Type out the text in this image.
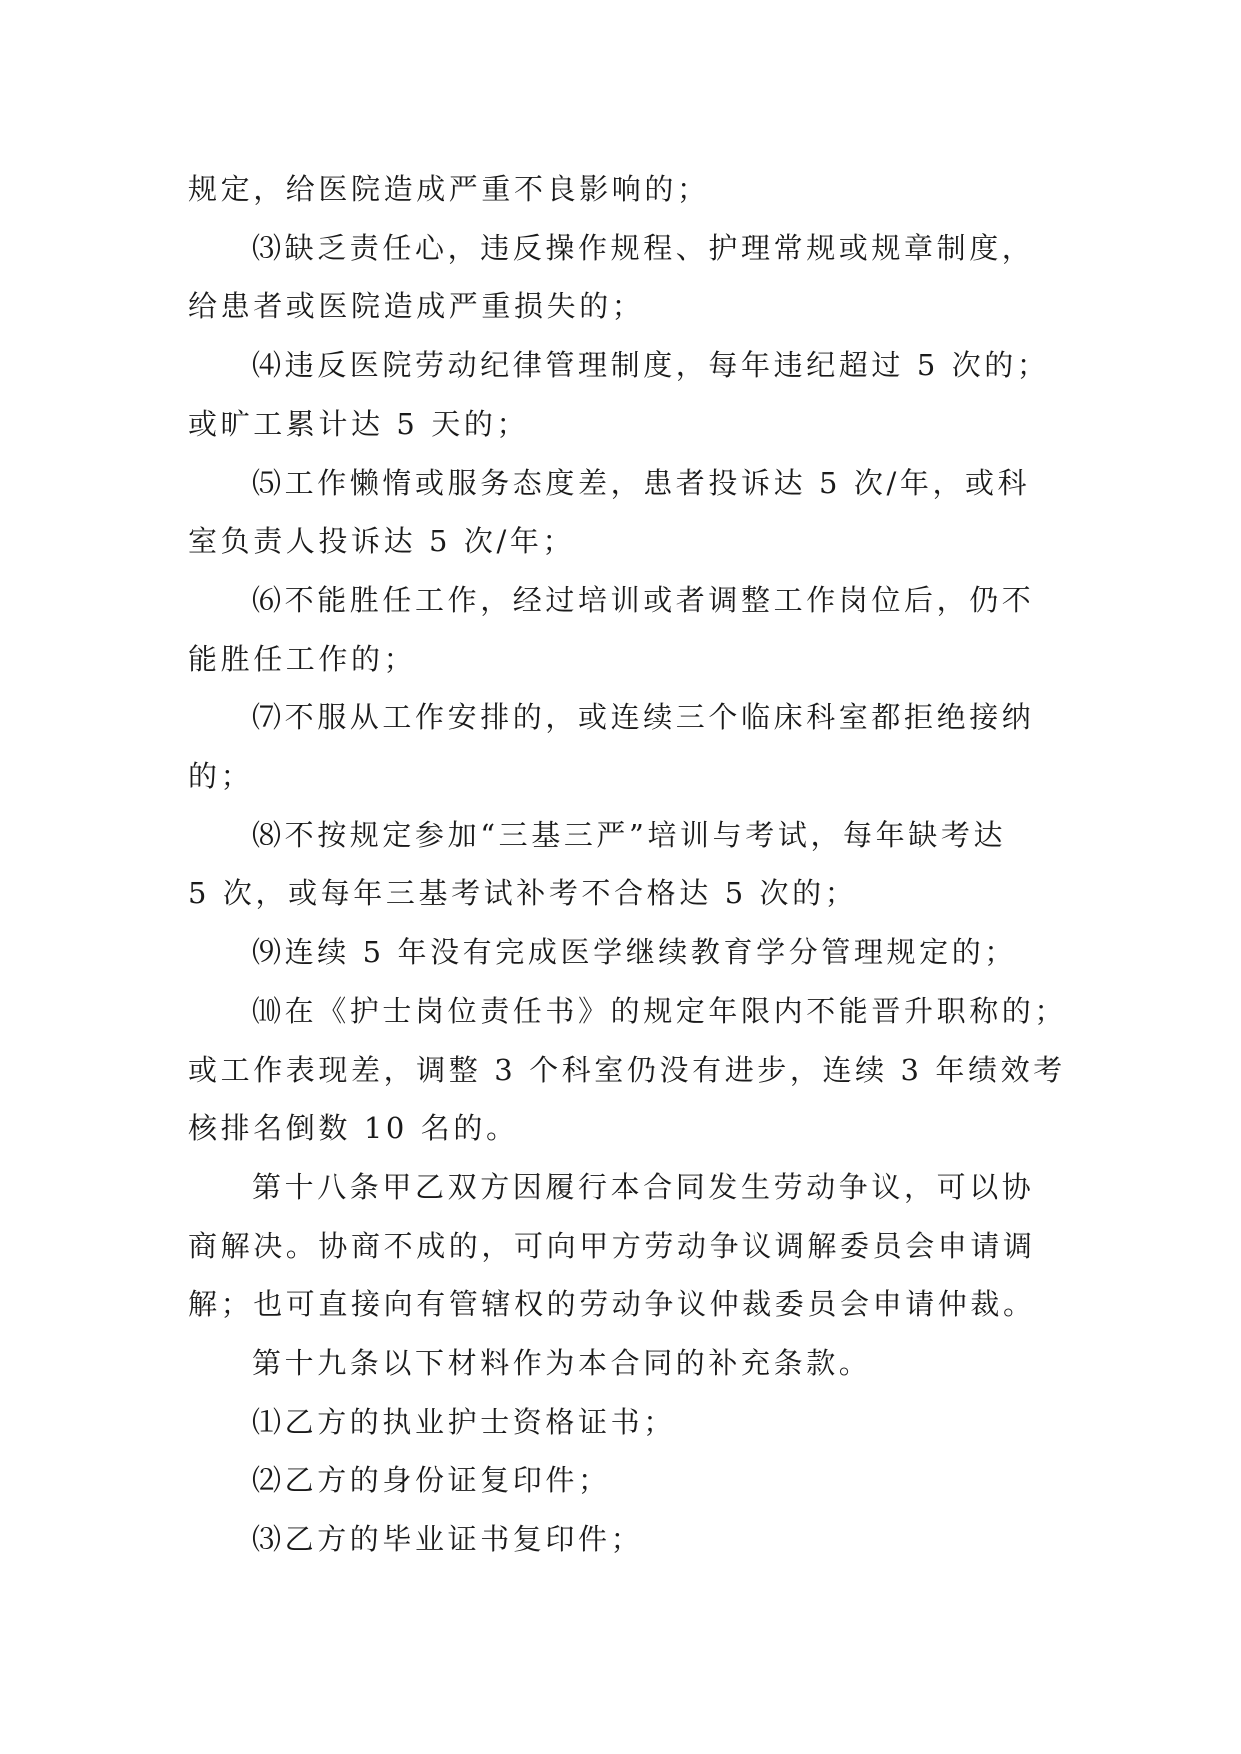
规定，给医院造成严重不良影响的；

⑶缺乏责任心，违反操作规程、护理常规或规章制度，

给患者或医院造成严重损失的；

⑷违反医院劳动纪律管理制度，每年违纪超过 5 次的；

或旷工累计达 5 天的；

⑸工作懒惰或服务态度差，患者投诉达 5 次/年，或科

室负责人投诉达 5 次/年；

⑹不能胜任工作，经过培训或者调整工作岗位后，仍不

能胜任工作的；

⑺不服从工作安排的，或连续三个临床科室都拒绝接纳

的；

⑻不按规定参加“三基三严”培训与考试，每年缺考达

5 次，或每年三基考试补考不合格达 5 次的；

⑼连续 5 年没有完成医学继续教育学分管理规定的；

⑽在《护士岗位责任书》的规定年限内不能晋升职称的；

或工作表现差，调整 3 个科室仍没有进步，连续 3 年绩效考

核排名倒数 10 名的。

第十八条甲乙双方因履行本合同发生劳动争议，可以协

商解决。协商不成的，可向甲方劳动争议调解委员会申请调

解；也可直接向有管辖权的劳动争议仲裁委员会申请仲裁。

第十九条以下材料作为本合同的补充条款。

⑴乙方的执业护士资格证书；

⑵乙方的身份证复印件；

⑶乙方的毕业证书复印件；
